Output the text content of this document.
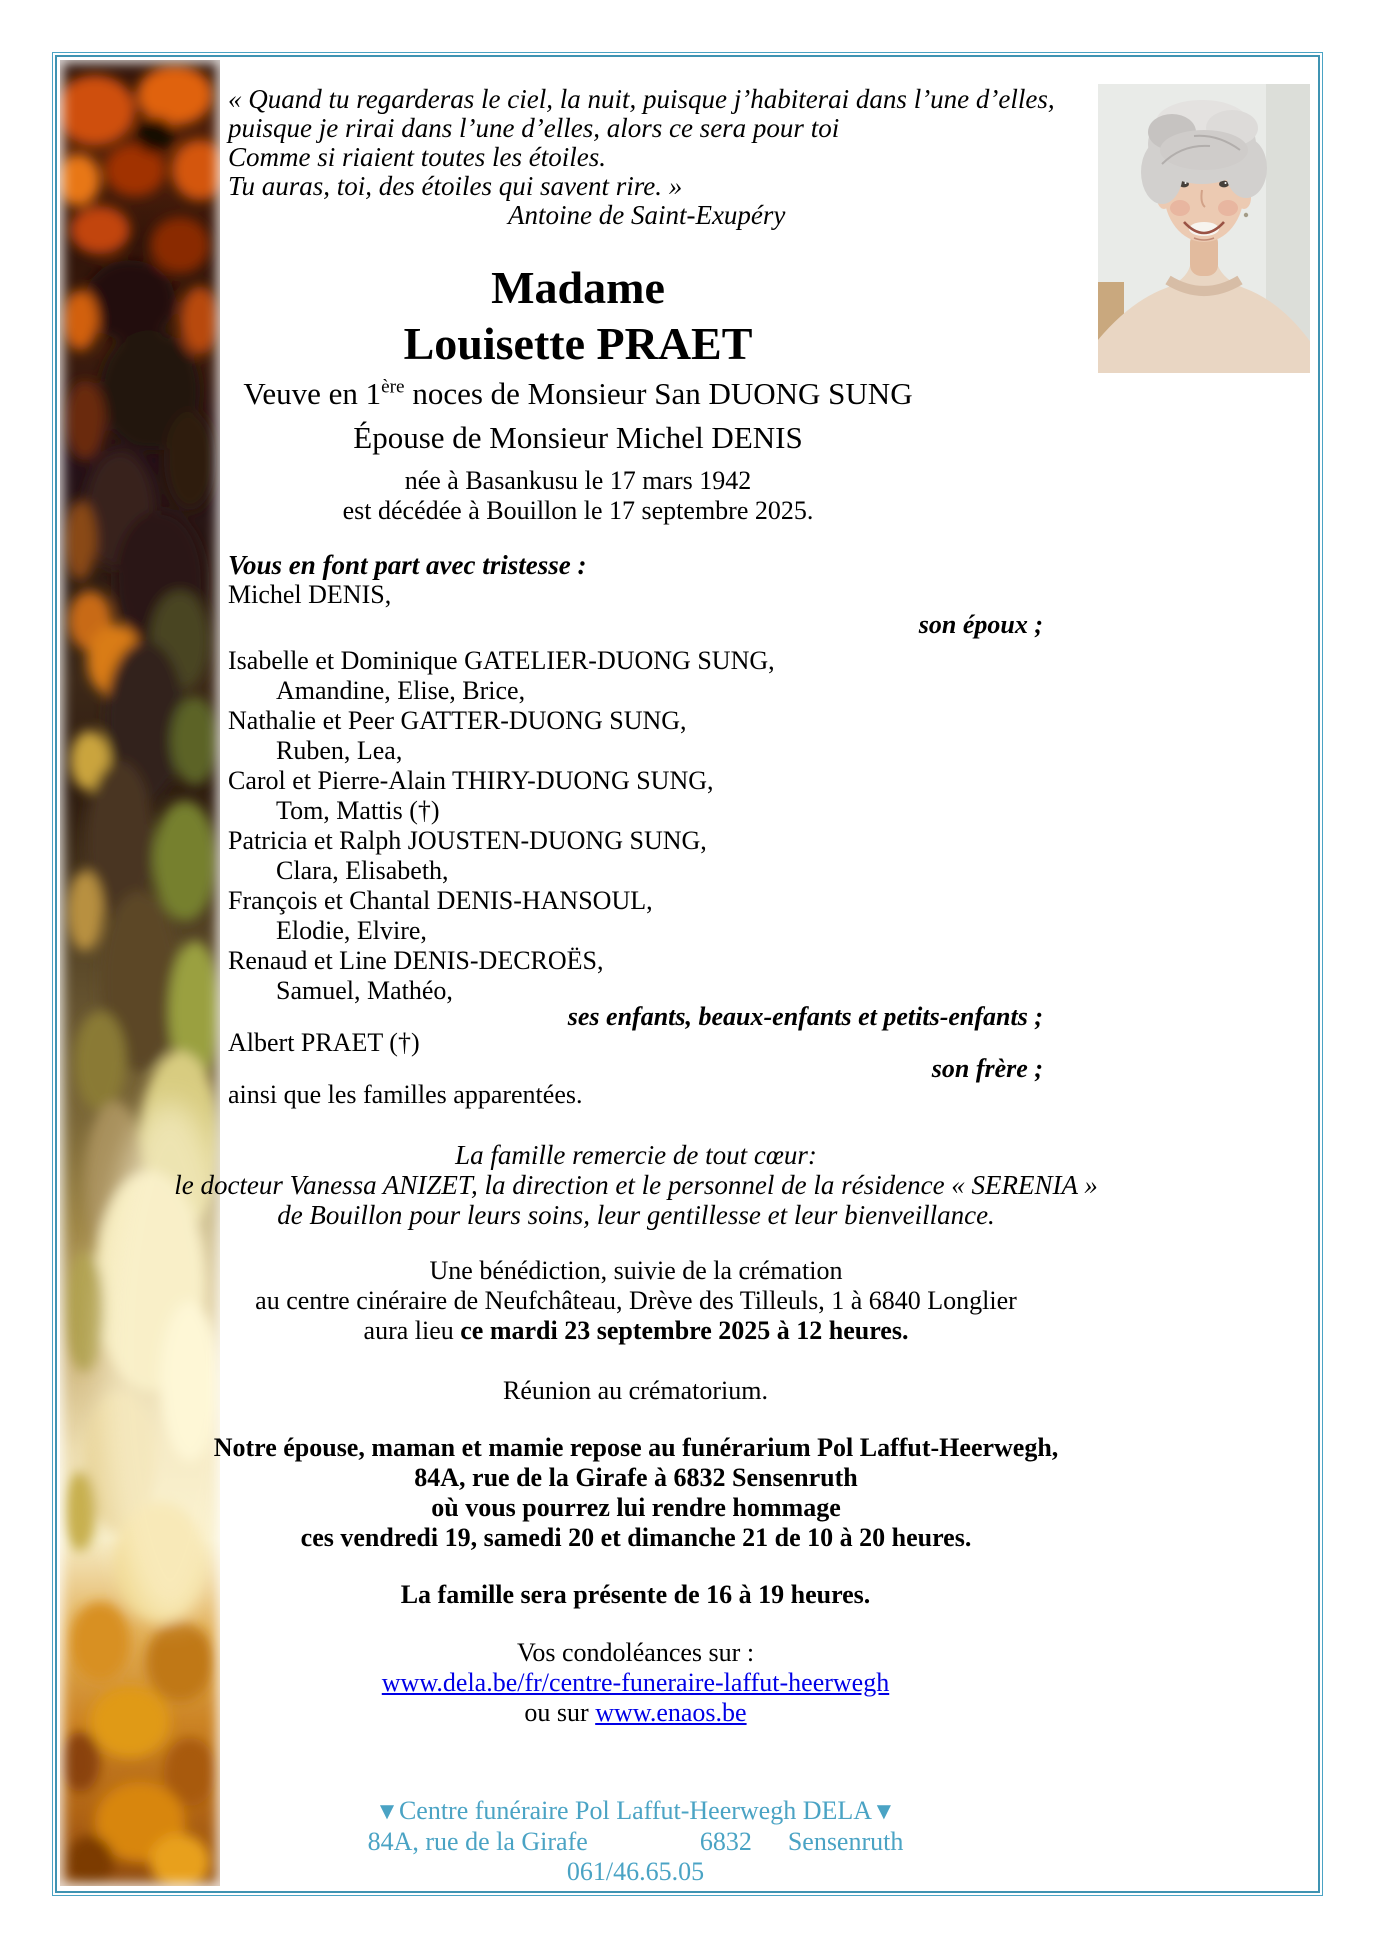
« Quand tu regarderas le ciel, la nuit, puisque j’habiterai dans l’une d’elles,
puisque je rirai dans l’une d’elles, alors ce sera pour toi
Comme si riaient toutes les étoiles.
Tu auras, toi, des étoiles qui savent rire. »
Antoine de Saint-Exupéry
Madame
Louisette PRAET
Veuve en 1ère noces de Monsieur San DUONG SUNG
Épouse de Monsieur Michel DENIS
née à Basankusu le 17 mars 1942
est décédée à Bouillon le 17 septembre 2025.
Vous en font part avec tristesse :
Michel DENIS,
son époux ;
Isabelle et Dominique GATELIER-DUONG SUNG,
Amandine, Elise, Brice,
Nathalie et Peer GATTER-DUONG SUNG,
Ruben, Lea,
Carol et Pierre-Alain THIRY-DUONG SUNG,
Tom, Mattis (†)
Patricia et Ralph JOUSTEN-DUONG SUNG,
Clara, Elisabeth,
François et Chantal DENIS-HANSOUL,
Elodie, Elvire,
Renaud et Line DENIS-DECROËS,
Samuel, Mathéo,
ses enfants, beaux-enfants et petits-enfants ;
Albert PRAET (†)
son frère ;
ainsi que les familles apparentées.
La famille remercie de tout cœur:
le docteur Vanessa ANIZET, la direction et le personnel de la résidence « SERENIA »
de Bouillon pour leurs soins, leur gentillesse et leur bienveillance.
Une bénédiction, suivie de la crémation
au centre cinéraire de Neufchâteau, Drève des Tilleuls, 1 à 6840 Longlier
aura lieu ce mardi 23 septembre 2025 à 12 heures.
Réunion au crématorium.
Notre épouse, maman et mamie repose au funérarium Pol Laffut-Heerwegh,
84A, rue de la Girafe à 6832 Sensenruth
où vous pourrez lui rendre hommage
ces vendredi 19, samedi 20 et dimanche 21 de 10 à 20 heures.
La famille sera présente de 16 à 19 heures.
Vos condoléances sur :
www.dela.be/fr/centre-funeraire-laffut-heerwegh
ou sur www.enaos.be
▼Centre funéraire Pol Laffut-Heerwegh DELA▼
84A, rue de la Girafe	6832 Sensenruth
061/46.65.05
